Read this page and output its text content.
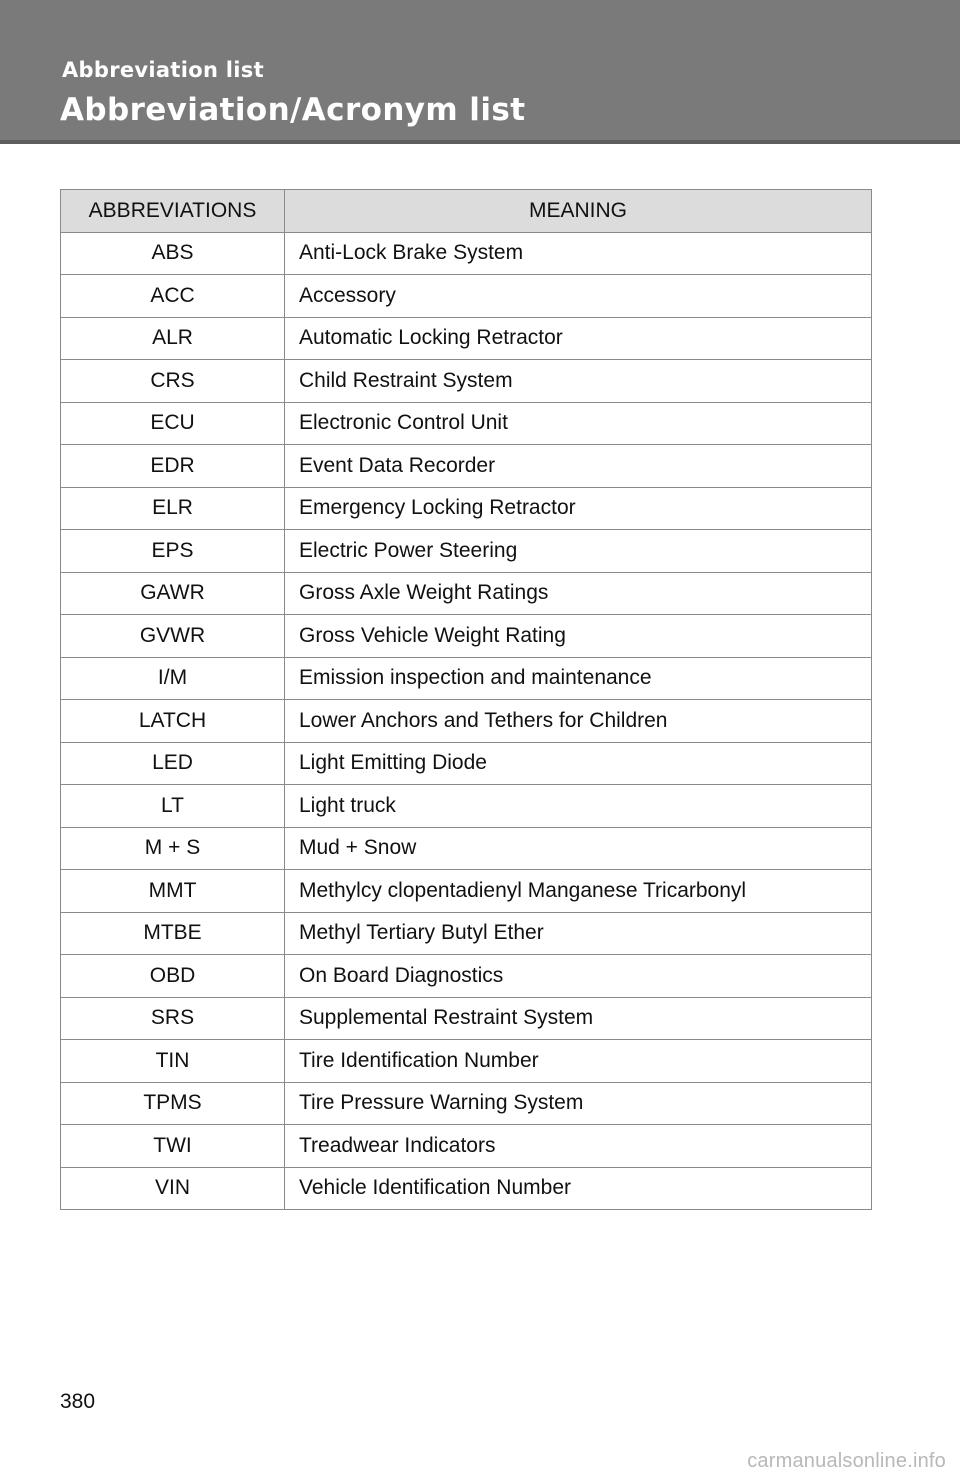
Abbreviation list
Abbreviation/Acronym list
ABBREVIATIONS	MEANING
ABS	Anti-Lock Brake System
ACC	Accessory
ALR	Automatic Locking Retractor
CRS	Child Restraint System
ECU	Electronic Control Unit
EDR	Event Data Recorder
ELR	Emergency Locking Retractor
EPS	Electric Power Steering
GAWR	Gross Axle Weight Ratings
GVWR	Gross Vehicle Weight Rating
I/M	Emission inspection and maintenance
LATCH	Lower Anchors and Tethers for Children
LED	Light Emitting Diode
LT	Light truck
M + S	Mud + Snow
MMT	Methylcy clopentadienyl Manganese Tricarbonyl
MTBE	Methyl Tertiary Butyl Ether
OBD	On Board Diagnostics
SRS	Supplemental Restraint System
TIN	Tire Identification Number
TPMS	Tire Pressure Warning System
TWI	Treadwear Indicators
VIN	Vehicle Identification Number
380
carmanualsonline.info
